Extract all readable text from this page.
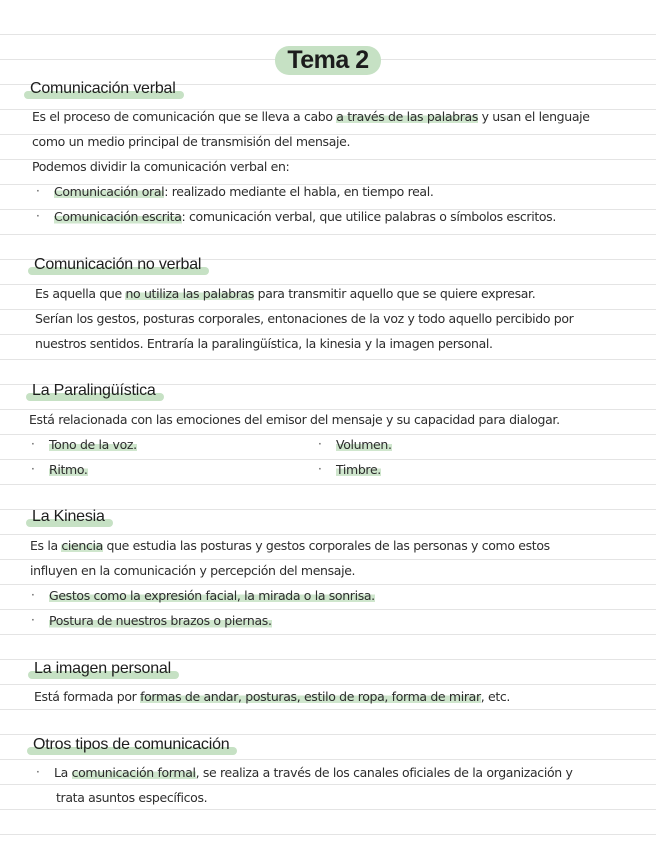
Tema 2
Comunicación verbal
Es el proceso de comunicación que se lleva a cabo a través de las palabras y usan el lenguaje
como un medio principal de transmisión del mensaje.
Podemos dividir la comunicación verbal en:
· Comunicación oral: realizado mediante el habla, en tiempo real.
· Comunicación escrita: comunicación verbal, que utilice palabras o símbolos escritos.
Comunicación no verbal
Es aquella que no utiliza las palabras para transmitir aquello que se quiere expresar.
Serían los gestos, posturas corporales, entonaciones de la voz y todo aquello percibido por
nuestros sentidos. Entraría la paralingüística, la kinesia y la imagen personal.
La Paralingüística
Está relacionada con las emociones del emisor del mensaje y su capacidad para dialogar.
· Tono de la voz.	· Volumen.
· Ritmo.	· Timbre.
La Kinesia
Es la ciencia que estudia las posturas y gestos corporales de las personas y como estos
influyen en la comunicación y percepción del mensaje.
· Gestos como la expresión facial, la mirada o la sonrisa.
· Postura de nuestros brazos o piernas.
La imagen personal
Está formada por formas de andar, posturas, estilo de ropa, forma de mirar, etc.
Otros tipos de comunicación
· La comunicación formal, se realiza a través de los canales oficiales de la organización y
trata asuntos específicos.
